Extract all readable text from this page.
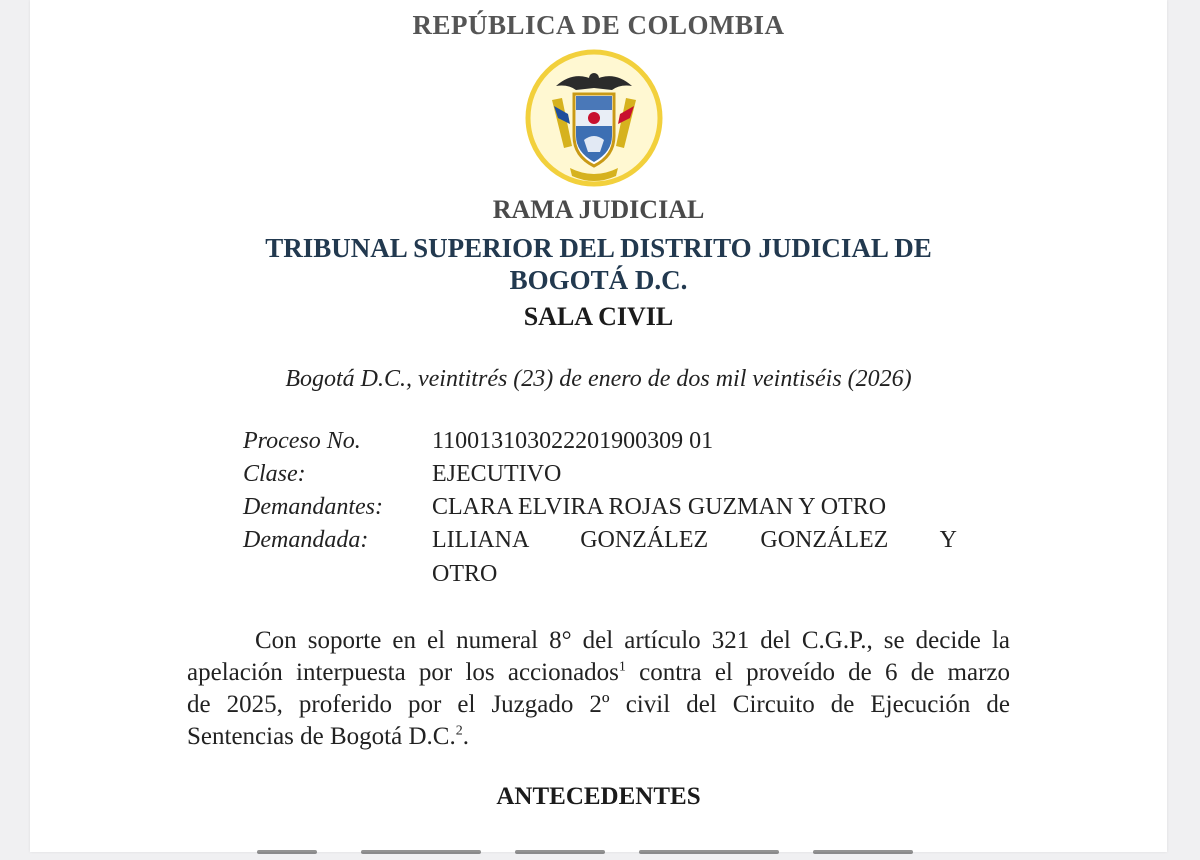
REPÚBLICA DE COLOMBIA
RAMA JUDICIAL
TRIBUNAL SUPERIOR DEL DISTRITO JUDICIAL DE
BOGOTÁ D.C.
SALA CIVIL
Bogotá D.C., veintitrés (23) de enero de dos mil veintiséis (2026)
Proceso No.	110013103022201900309 01
Clase:	EJECUTIVO
Demandantes: CLARA ELVIRA ROJAS GUZMAN Y OTRO
Demandada:	LILIANA GONZÁLEZ GONZÁLEZ Y
OTRO
Con soporte en el numeral 8° del artículo 321 del C.G.P., se decide la
apelación interpuesta por los accionados$^1$ contra el proveído de 6 de marzo
de 2025, proferido por el Juzgado 2º civil del Circuito de Ejecución de
Sentencias de Bogotá D.C.$^2$.
ANTECEDENTES
